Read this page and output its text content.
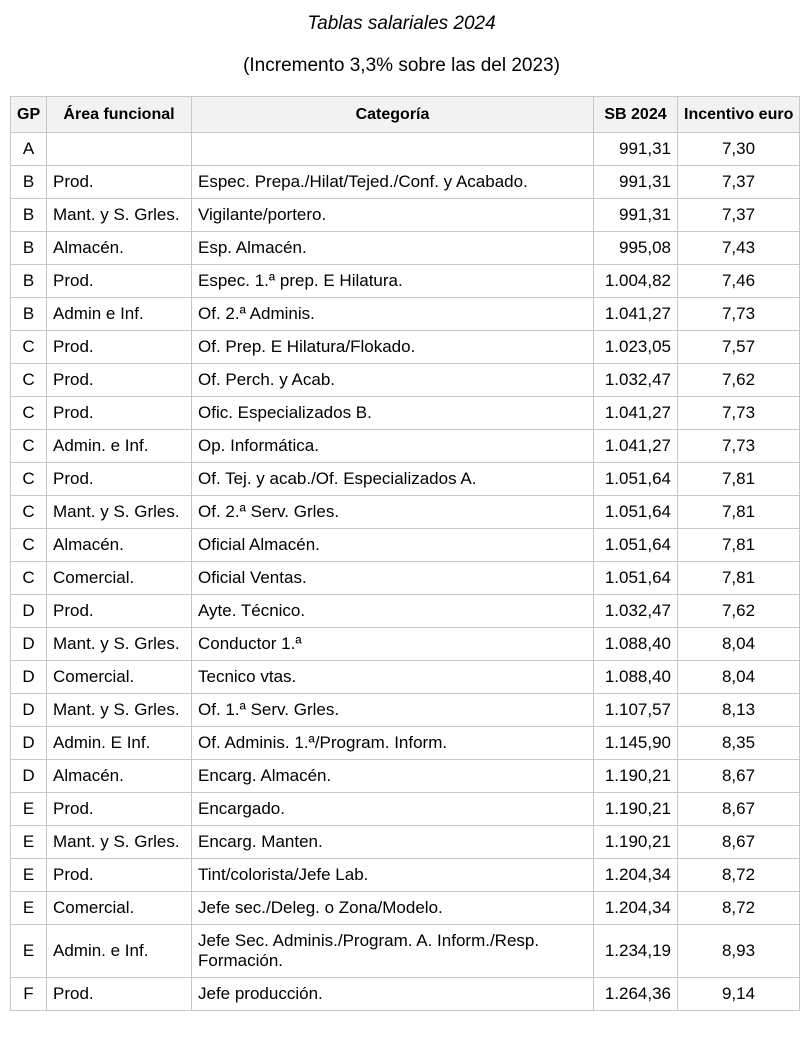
Tablas salariales 2024
(Incremento 3,3% sobre las del 2023)
GP	Área funcional	Categoría	SB 2024	Incentivo euro
A			991,31	7,30
B	Prod.	Espec. Prepa./Hilat/Tejed./Conf. y Acabado.	991,31	7,37
B	Mant. y S. Grles.	Vigilante/portero.	991,31	7,37
B	Almacén.	Esp. Almacén.	995,08	7,43
B	Prod.	Espec. 1.ª prep. E Hilatura.	1.004,82	7,46
B	Admin e Inf.	Of. 2.ª Adminis.	1.041,27	7,73
C	Prod.	Of. Prep. E Hilatura/Flokado.	1.023,05	7,57
C	Prod.	Of. Perch. y Acab.	1.032,47	7,62
C	Prod.	Ofic. Especializados B.	1.041,27	7,73
C	Admin. e Inf.	Op. Informática.	1.041,27	7,73
C	Prod.	Of. Tej. y acab./Of. Especializados A.	1.051,64	7,81
C	Mant. y S. Grles.	Of. 2.ª Serv. Grles.	1.051,64	7,81
C	Almacén.	Oficial Almacén.	1.051,64	7,81
C	Comercial.	Oficial Ventas.	1.051,64	7,81
D	Prod.	Ayte. Técnico.	1.032,47	7,62
D	Mant. y S. Grles.	Conductor 1.ª	1.088,40	8,04
D	Comercial.	Tecnico vtas.	1.088,40	8,04
D	Mant. y S. Grles.	Of. 1.ª Serv. Grles.	1.107,57	8,13
D	Admin. E Inf.	Of. Adminis. 1.ª/Program. Inform.	1.145,90	8,35
D	Almacén.	Encarg. Almacén.	1.190,21	8,67
E	Prod.	Encargado.	1.190,21	8,67
E	Mant. y S. Grles.	Encarg. Manten.	1.190,21	8,67
E	Prod.	Tint/colorista/Jefe Lab.	1.204,34	8,72
E	Comercial.	Jefe sec./Deleg. o Zona/Modelo.	1.204,34	8,72
E	Admin. e Inf.	Jefe Sec. Adminis./Program. A. Inform./Resp. Formación.	1.234,19	8,93
F	Prod.	Jefe producción.	1.264,36	9,14
